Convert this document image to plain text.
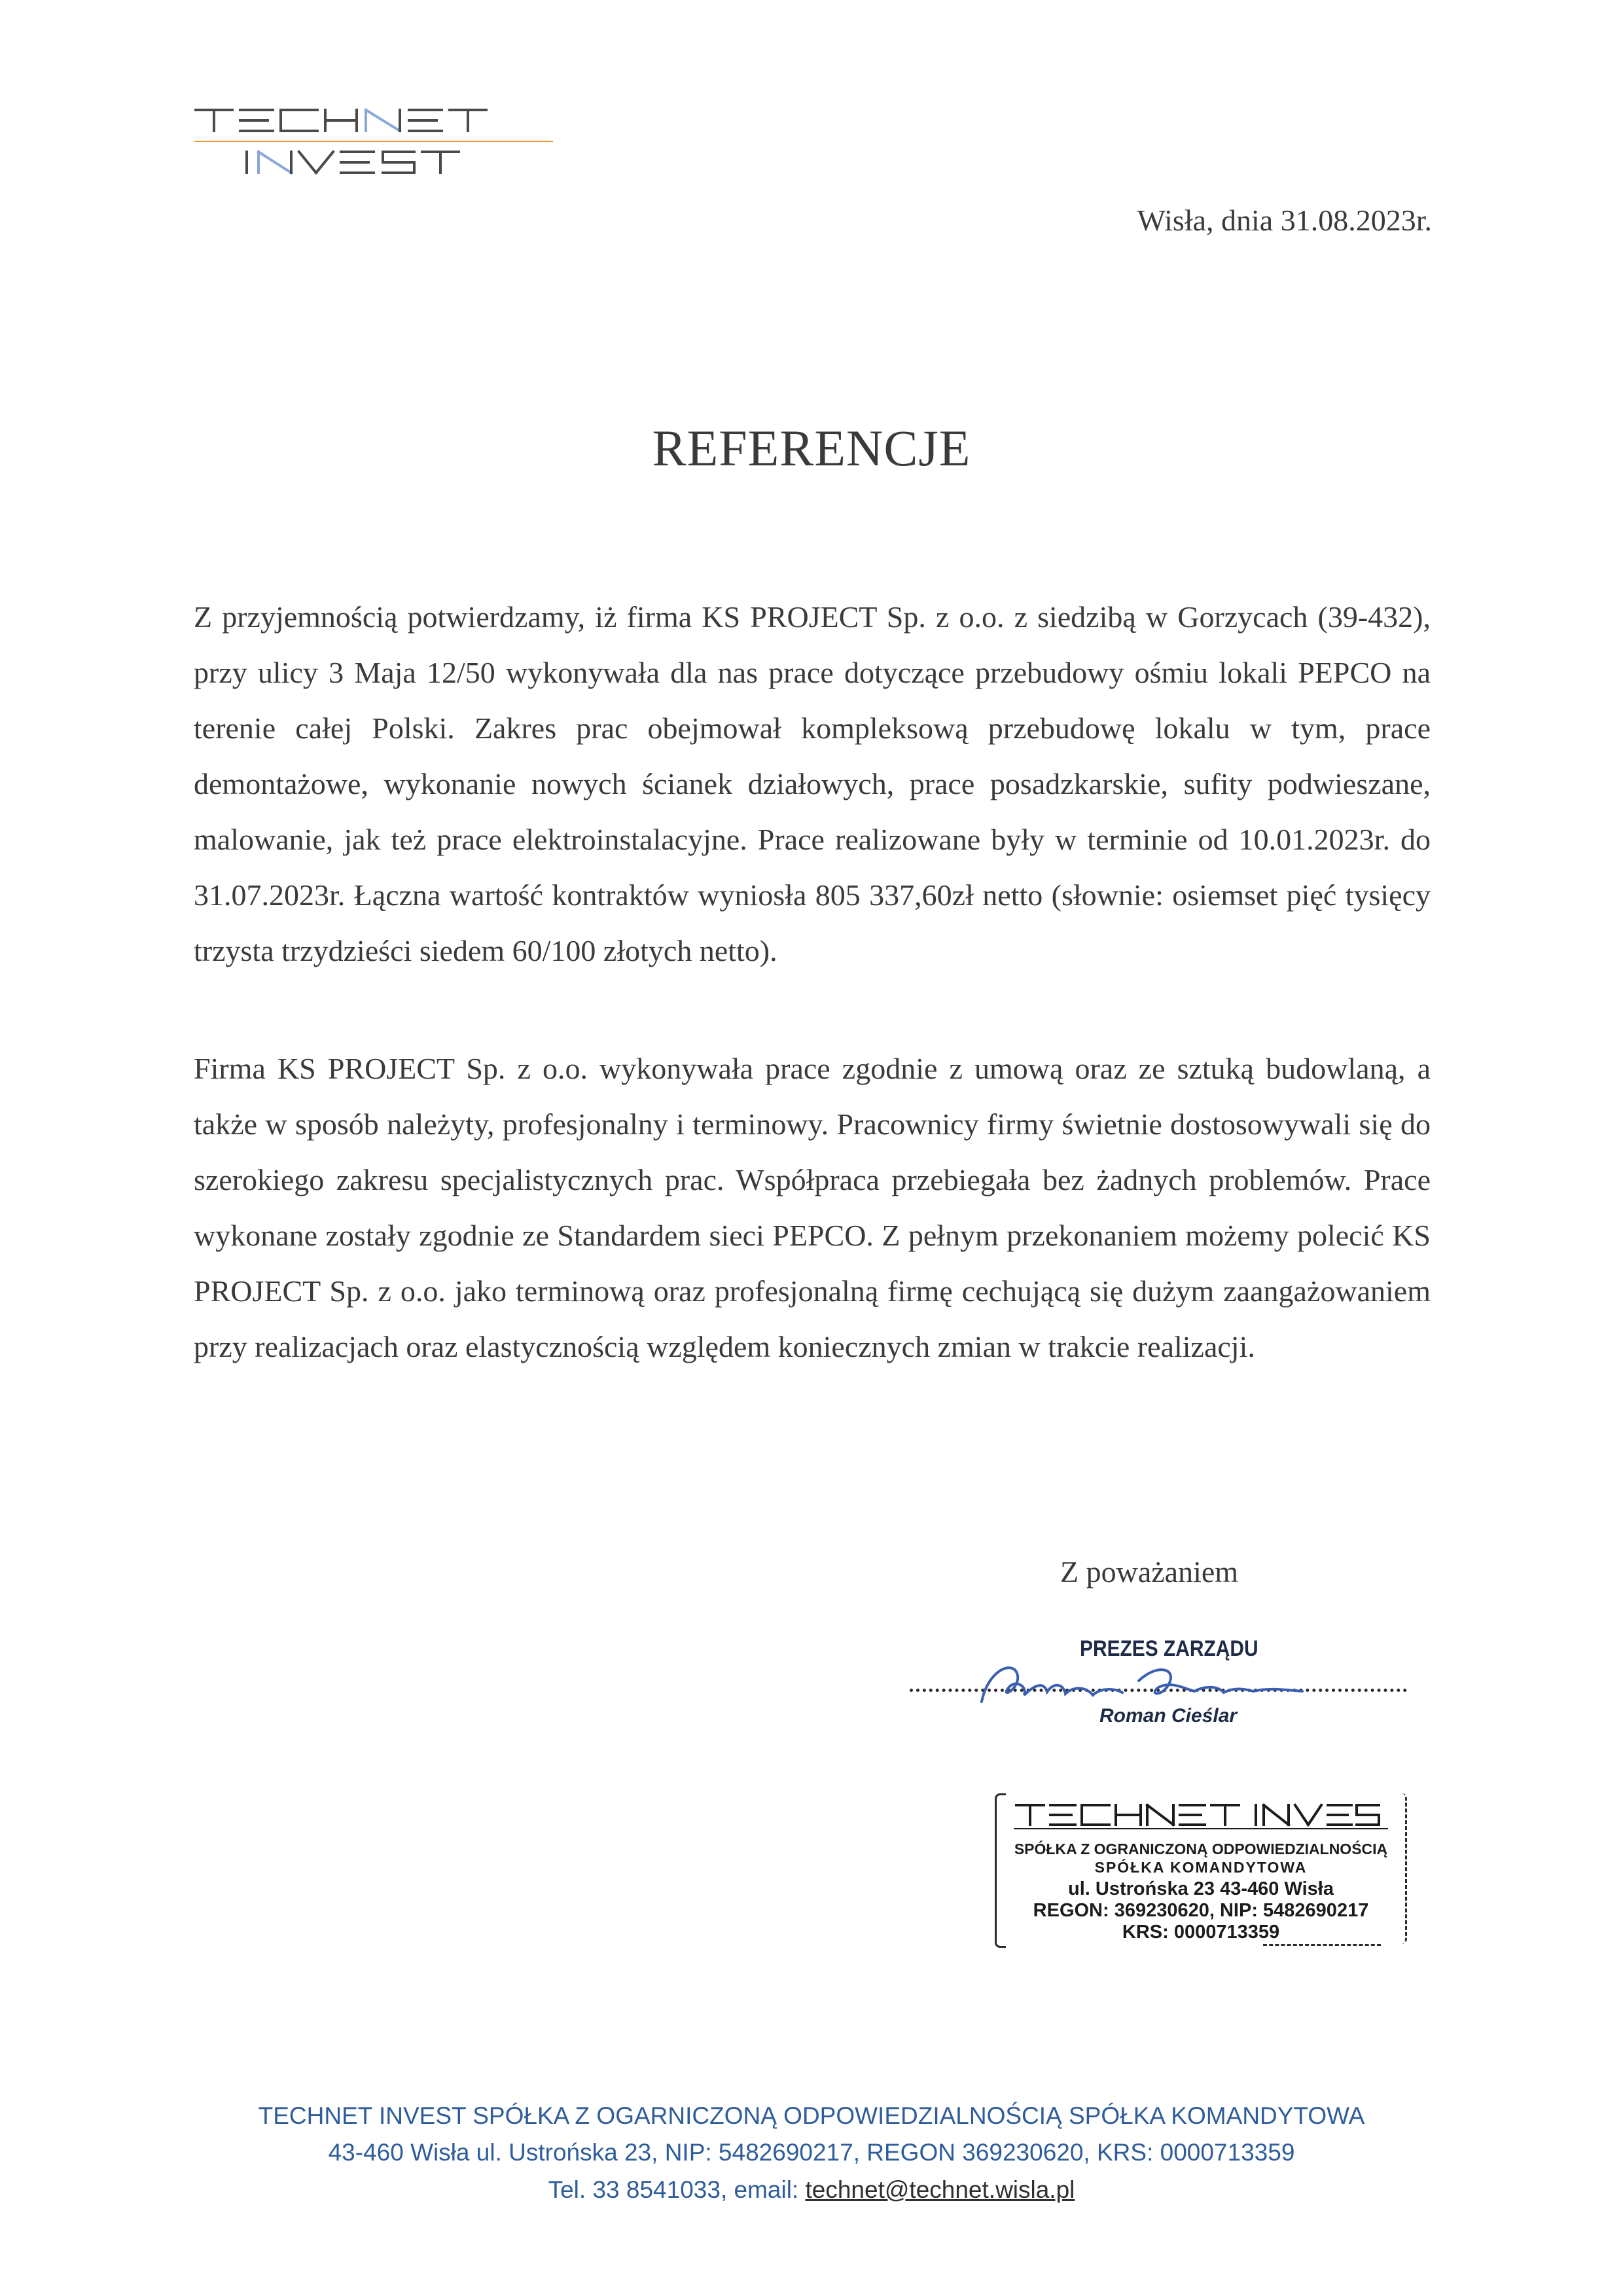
Wisła, dnia 31.08.2023r.
REFERENCJE

Z przyjemnością potwierdzamy, iż firma KS PROJECT Sp. z o.o. z siedzibą w Gorzycach (39-432), przy ulicy 3 Maja 12/50 wykonywała dla nas prace dotyczące przebudowy ośmiu lokali PEPCO na terenie całej Polski. Zakres prac obejmował kompleksową przebudowę lokalu w tym, prace demontażowe, wykonanie nowych ścianek działowych, prace posadzkarskie, sufity podwieszane, malowanie, jak też prace elektroinstalacyjne. Prace realizowane były w terminie od 10.01.2023r. do 31.07.2023r. Łączna wartość kontraktów wyniosła 805 337,60zł netto (słownie: osiemset pięć tysięcy trzysta trzydzieści siedem 60/100 złotych netto).

Firma KS PROJECT Sp. z o.o. wykonywała prace zgodnie z umową oraz ze sztuką budowlaną, a także w sposób należyty, profesjonalny i terminowy. Pracownicy firmy świetnie dostosowywali się do szerokiego zakresu specjalistycznych prac. Współpraca przebiegała bez żadnych problemów. Prace wykonane zostały zgodnie ze Standardem sieci PEPCO. Z pełnym przekonaniem możemy polecić KS PROJECT Sp. z o.o. jako terminową oraz profesjonalną firmę cechującą się dużym zaangażowaniem przy realizacjach oraz elastycznością względem koniecznych zmian w trakcie realizacji.

Z poważaniem
PREZES ZARZĄDU
Roman Cieślar
SPÓŁKA Z OGRANICZONĄ ODPOWIEDZIALNOŚCIĄ
SPÓŁKA KOMANDYTOWA
ul. Ustrońska 23 43-460 Wisła
REGON: 369230620, NIP: 5482690217
KRS: 0000713359
TECHNET INVEST SPÓŁKA Z OGARNICZONĄ ODPOWIEDZIALNOŚCIĄ SPÓŁKA KOMANDYTOWA
43-460 Wisła ul. Ustrońska 23, NIP: 5482690217, REGON 369230620, KRS: 0000713359
Tel. 33 8541033, email: technet@technet.wisla.pl
